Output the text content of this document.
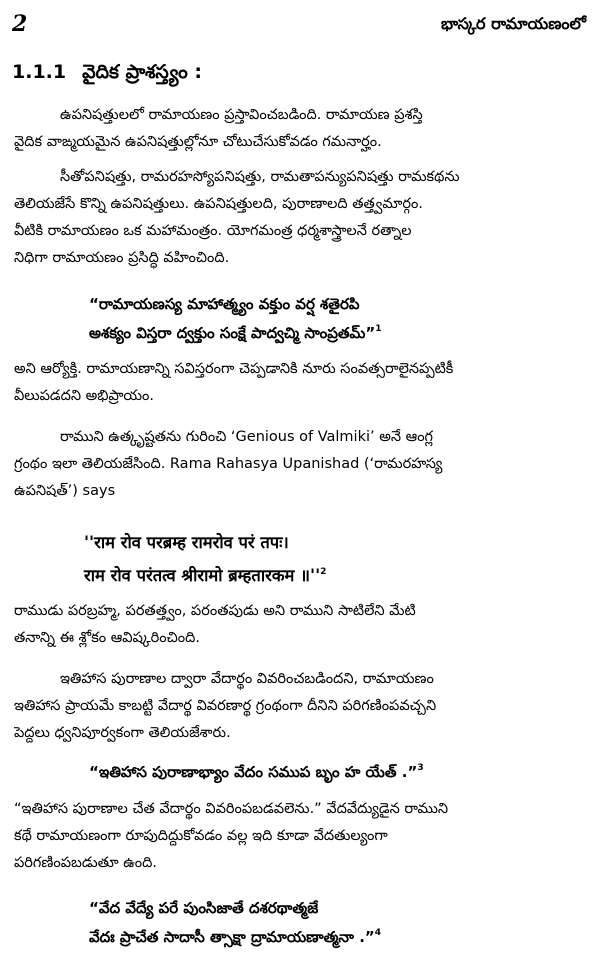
2	భాస్కర రామాయణంలో
1.1.1 వైదిక ప్రాశస్త్యం :
ఉపనిషత్తులలో రామాయణం ప్రస్తావించబడింది. రామాయణ ప్రశస్తి
వైదిక వాఙ్మయమైన ఉపనిషత్తుల్లోనూ చోటుచేసుకోవడం గమనార్హం.
సీతోపనిషత్తు, రామరహస్యోపనిషత్తు, రామతాపన్యుపనిషత్తు రామకథను
తెలియజేసే కొన్ని ఉపనిషత్తులు. ఉపనిషత్తులది, పురాణాలది తత్త్వమార్గం.
వీటికి రామాయణం ఒక మహామంత్రం. యోగమంత్ర ధర్మశాస్త్రాలనే రత్నాల
నిధిగా రామాయణం ప్రసిద్ధి వహించింది.
“రామాయణస్య మాహాత్మ్యం వక్తుం వర్ష శతైరపి
అశక్యం విస్తరా ద్వక్తుం సంక్షే పాద్వచ్మి సాంప్రతమ్”$^1$
అని ఆర్యోక్తి. రామాయణాన్ని సవిస్తరంగా చెప్పడానికి నూరు సంవత్సరాలైనప్పటికీ
వీలుపడదని అభిప్రాయం.
రాముని ఉత్కృష్టతను గురించి ‘Genious of Valmiki’ అనే ఆంగ్ల
గ్రంథం ఇలా తెలియజేసింది. Rama Rahasya Upanishad (‘రామరహస్య
ఉపనిషత్’) says
''राम रोव परब्रम्ह रामरोव परं तपः।
राम रोव परंतत्व श्रीरामो ब्रम्हतारकम $॥''^2$
రాముడు పరబ్రహ్మ, పరతత్త్వం, పరంతపుడు అని రాముని సాటిలేని మేటి
తనాన్ని ఈ శ్లోకం ఆవిష్కరించింది.
ఇతిహాస పురాణాల ద్వారా వేదార్థం వివరించబడిందని, రామాయణం
ఇతిహాస ప్రాయమే కాబట్టి వేదార్థ వివరణార్థ గ్రంథంగా దీనిని పరిగణింపవచ్చని
పెద్దలు ధ్వనిపూర్వకంగా తెలియజేశారు.
“ఇతిహాస పురాణాభ్యాం వేదం సముప బృం హ యేత్ .”$^3$
“ఇతిహాస పురాణాల చేత వేదార్థం వివరింపబడవలెను.” వేదవేద్యుడైన రాముని
కథే రామాయణంగా రూపుదిద్దుకోవడం వల్ల ఇది కూడా వేదతుల్యంగా
పరిగణింపబడుతూ ఉంది.
“వేద వేద్యే పరే పుంసిజాతే దశరథాత్మజే
వేదః ప్రాచేత సాదాసీ త్సాక్షా ద్రామాయణాత్మనా .”$^4$
